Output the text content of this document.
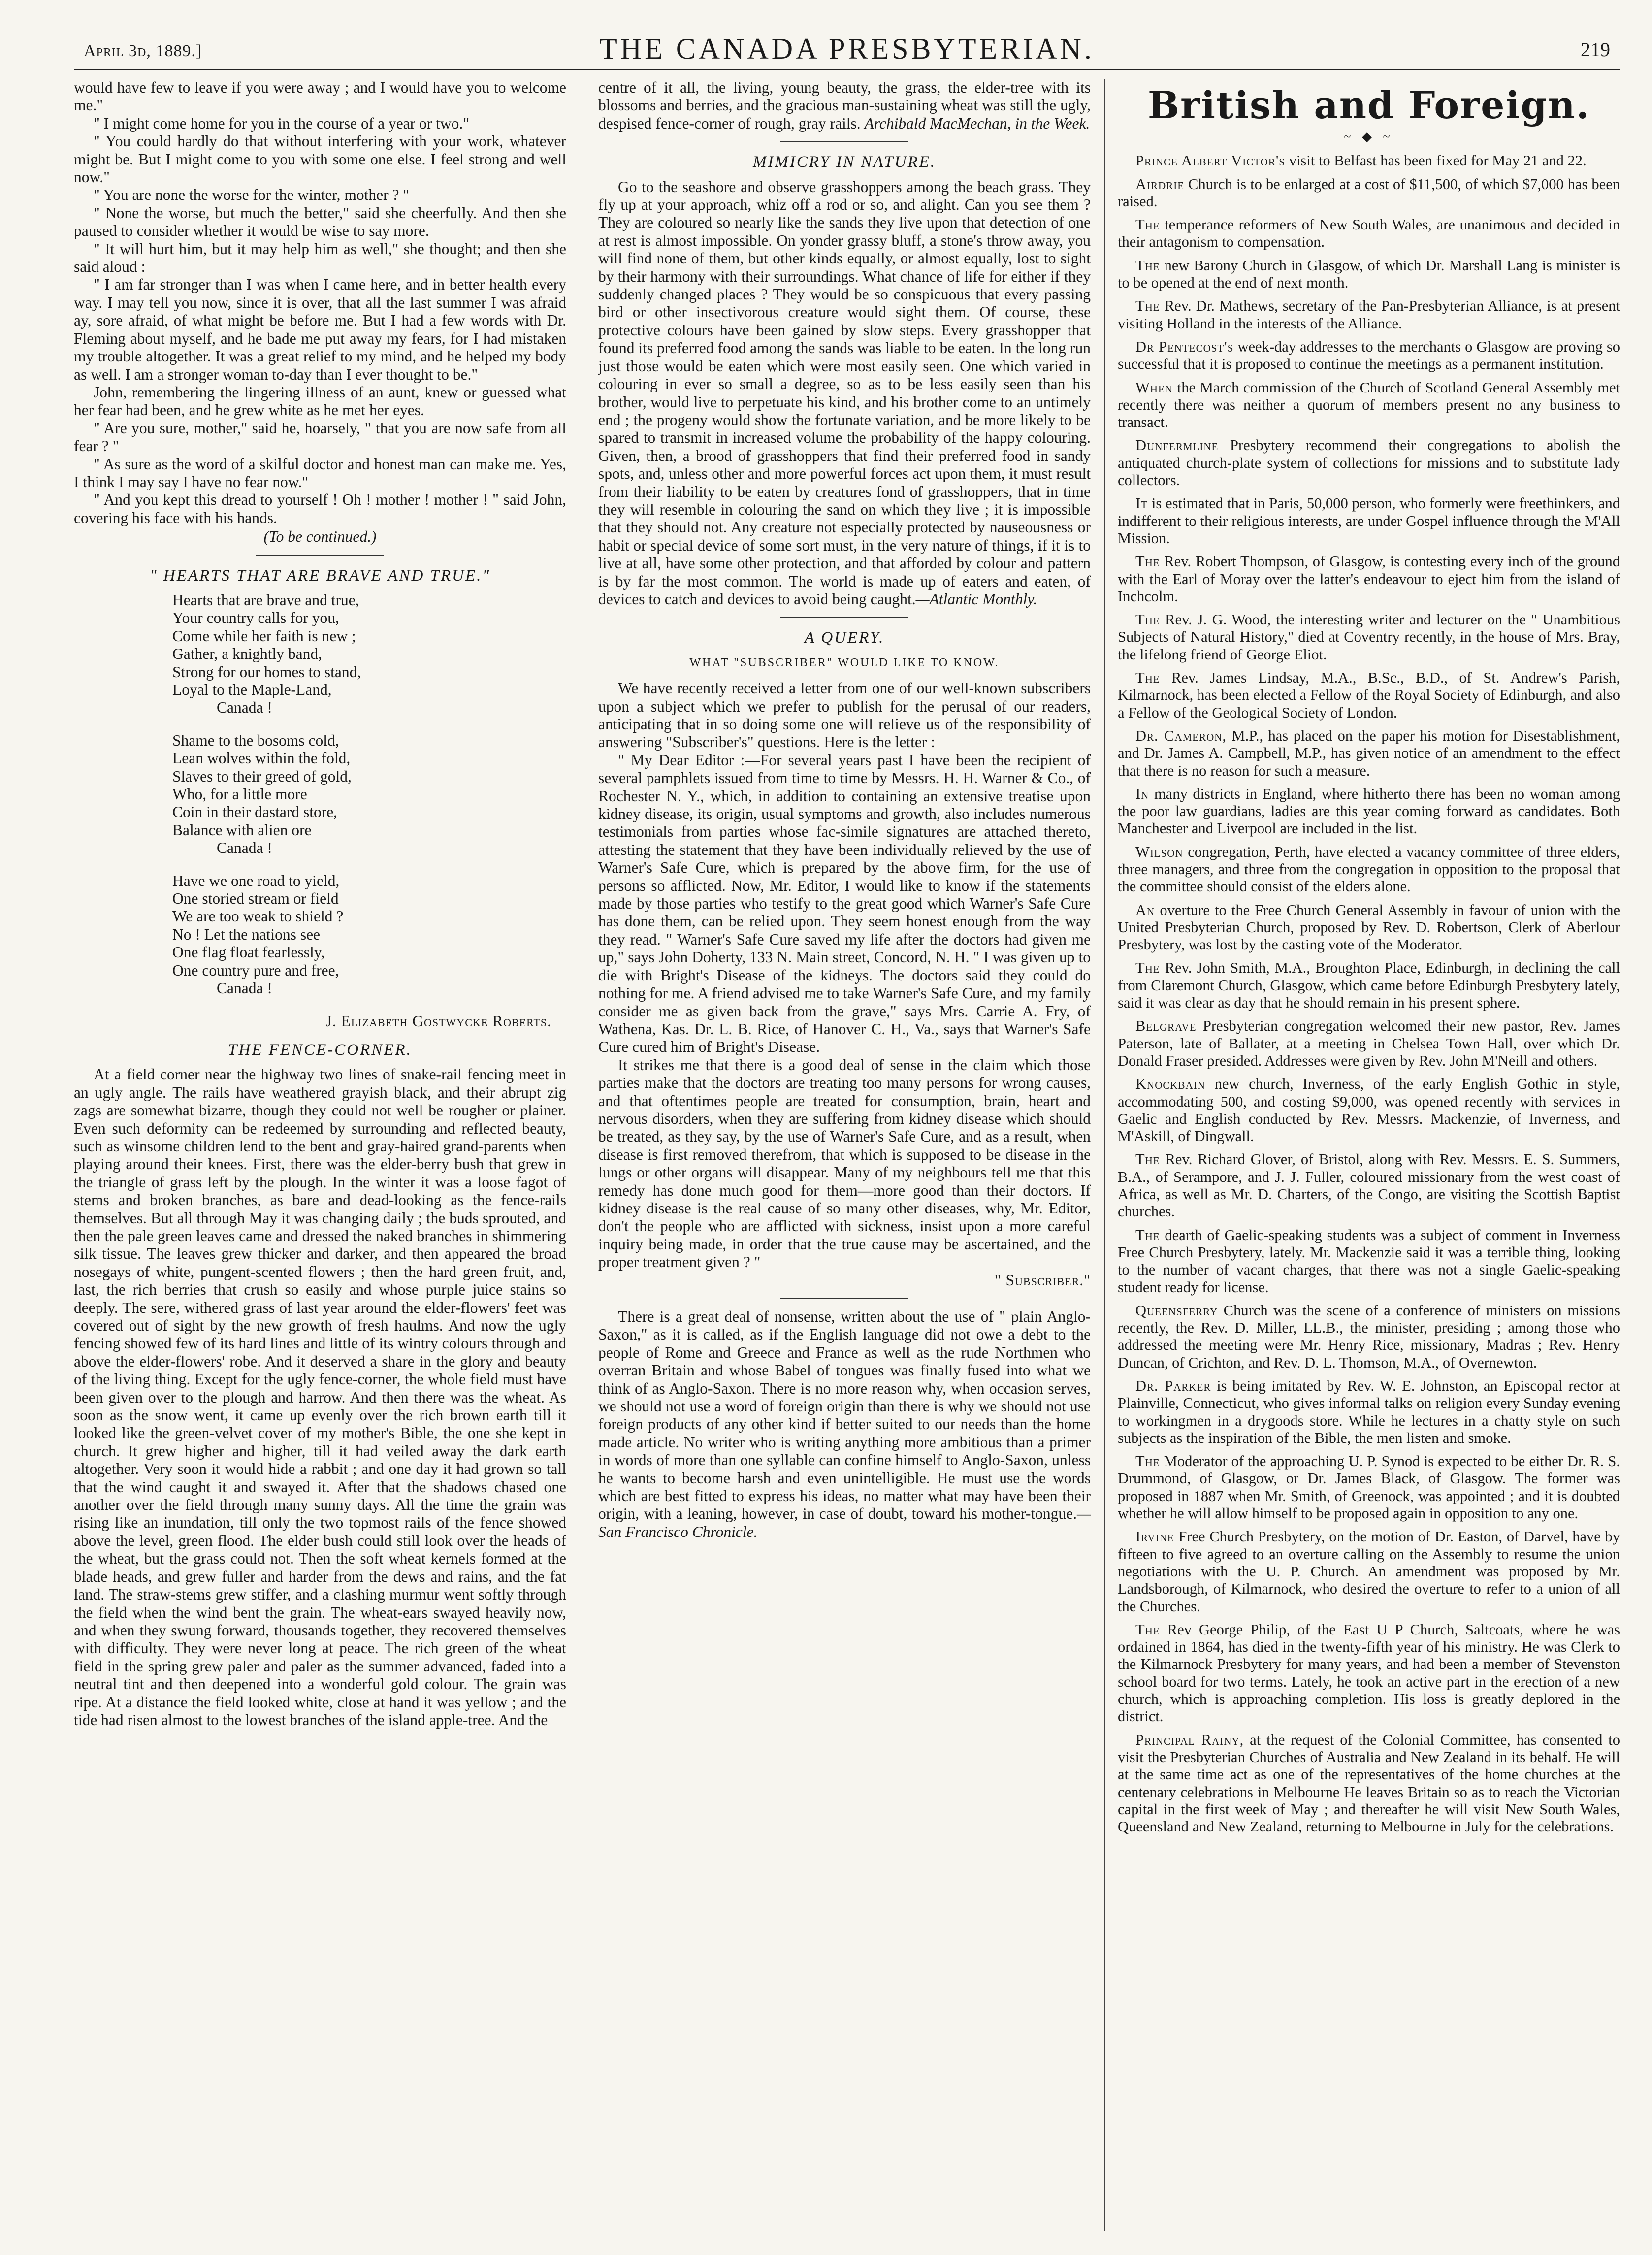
April 3d, 1889.]	THE CANADA PRESBYTERIAN.	219

would have few to leave if you were away ; and I would have you to welcome me."

" I might come home for you in the course of a year or two."

" You could hardly do that without interfering with your work, whatever might be. But I might come to you with some one else. I feel strong and well now."

" You are none the worse for the winter, mother ? "

" None the worse, but much the better," said she cheerfully. And then she paused to consider whether it would be wise to say more.

" It will hurt him, but it may help him as well," she thought; and then she said aloud :

" I am far stronger than I was when I came here, and in better health every way. I may tell you now, since it is over, that all the last summer I was afraid ay, sore afraid, of what might be before me. But I had a few words with Dr. Fleming about myself, and he bade me put away my fears, for I had mistaken my trouble altogether. It was a great relief to my mind, and he helped my body as well. I am a stronger woman to-day than I ever thought to be."

John, remembering the lingering illness of an aunt, knew or guessed what her fear had been, and he grew white as he met her eyes.

" Are you sure, mother," said he, hoarsely, " that you are now safe from all fear ? "

" As sure as the word of a skilful doctor and honest man can make me. Yes, I think I may say I have no fear now."

" And you kept this dread to yourself ! Oh ! mother ! mother ! " said John, covering his face with his hands.

(To be continued.)

" HEARTS THAT ARE BRAVE AND TRUE."
Hearts that are brave and true,
Your country calls for you,
Come while her faith is new ;
Gather, a knightly band,
Strong for our homes to stand,
Loyal to the Maple-Land,
Canada !
Shame to the bosoms cold,
Lean wolves within the fold,
Slaves to their greed of gold,
Who, for a little more
Coin in their dastard store,
Balance with alien ore
Canada !
Have we one road to yield,
One storied stream or field
We are too weak to shield ?
No ! Let the nations see
One flag float fearlessly,
One country pure and free,
Canada !
J. Elizabeth Gostwycke Roberts.
THE FENCE-CORNER.

At a field corner near the highway two lines of snake-rail fencing meet in an ugly angle. The rails have weathered grayish black, and their abrupt zig zags are somewhat bizarre, though they could not well be rougher or plainer. Even such deformity can be redeemed by surrounding and reflected beauty, such as winsome children lend to the bent and gray-haired grand-parents when playing around their knees. First, there was the elder-berry bush that grew in the triangle of grass left by the plough. In the winter it was a loose fagot of stems and broken branches, as bare and dead-looking as the fence-rails themselves. But all through May it was changing daily ; the buds sprouted, and then the pale green leaves came and dressed the naked branches in shimmering silk tissue. The leaves grew thicker and darker, and then appeared the broad nosegays of white, pungent-scented flowers ; then the hard green fruit, and, last, the rich berries that crush so easily and whose purple juice stains so deeply. The sere, withered grass of last year around the elder-flowers' feet was covered out of sight by the new growth of fresh haulms. And now the ugly fencing showed few of its hard lines and little of its wintry colours through and above the elder-flowers' robe. And it deserved a share in the glory and beauty of the living thing. Except for the ugly fence-corner, the whole field must have been given over to the plough and harrow. And then there was the wheat. As soon as the snow went, it came up evenly over the rich brown earth till it looked like the green-velvet cover of my mother's Bible, the one she kept in church. It grew higher and higher, till it had veiled away the dark earth altogether. Very soon it would hide a rabbit ; and one day it had grown so tall that the wind caught it and swayed it. After that the shadows chased one another over the field through many sunny days. All the time the grain was rising like an inundation, till only the two topmost rails of the fence showed above the level, green flood. The elder bush could still look over the heads of the wheat, but the grass could not. Then the soft wheat kernels formed at the blade heads, and grew fuller and harder from the dews and rains, and the fat land. The straw-stems grew stiffer, and a clashing murmur went softly through the field when the wind bent the grain. The wheat-ears swayed heavily now, and when they swung forward, thousands together, they recovered themselves with difficulty. They were never long at peace. The rich green of the wheat field in the spring grew paler and paler as the summer advanced, faded into a neutral tint and then deepened into a wonderful gold colour. The grain was ripe. At a distance the field looked white, close at hand it was yellow ; and the tide had risen almost to the lowest branches of the island apple-tree. And the

centre of it all, the living, young beauty, the grass, the elder-tree with its blossoms and berries, and the gracious man-sustaining wheat was still the ugly, despised fence-corner of rough, gray rails. Archibald MacMechan, in the Week.

MIMICRY IN NATURE.

Go to the seashore and observe grasshoppers among the beach grass. They fly up at your approach, whiz off a rod or so, and alight. Can you see them ? They are coloured so nearly like the sands they live upon that detection of one at rest is almost impossible. On yonder grassy bluff, a stone's throw away, you will find none of them, but other kinds equally, or almost equally, lost to sight by their harmony with their surroundings. What chance of life for either if they suddenly changed places ? They would be so conspicuous that every passing bird or other insectivorous creature would sight them. Of course, these protective colours have been gained by slow steps. Every grasshopper that found its preferred food among the sands was liable to be eaten. In the long run just those would be eaten which were most easily seen. One which varied in colouring in ever so small a degree, so as to be less easily seen than his brother, would live to perpetuate his kind, and his brother come to an untimely end ; the progeny would show the fortunate variation, and be more likely to be spared to transmit in increased volume the probability of the happy colouring. Given, then, a brood of grasshoppers that find their preferred food in sandy spots, and, unless other and more powerful forces act upon them, it must result from their liability to be eaten by creatures fond of grasshoppers, that in time they will resemble in colouring the sand on which they live ; it is impossible that they should not. Any creature not especially protected by nauseousness or habit or special device of some sort must, in the very nature of things, if it is to live at all, have some other protection, and that afforded by colour and pattern is by far the most common. The world is made up of eaters and eaten, of devices to catch and devices to avoid being caught.—Atlantic Monthly.

A QUERY.
WHAT "SUBSCRIBER" WOULD LIKE TO KNOW.

We have recently received a letter from one of our well-known subscribers upon a subject which we prefer to publish for the perusal of our readers, anticipating that in so doing some one will relieve us of the responsibility of answering "Subscriber's" questions. Here is the letter :

" My Dear Editor :—For several years past I have been the recipient of several pamphlets issued from time to time by Messrs. H. H. Warner & Co., of Rochester N. Y., which, in addition to containing an extensive treatise upon kidney disease, its origin, usual symptoms and growth, also includes numerous testimonials from parties whose fac-simile signatures are attached thereto, attesting the statement that they have been individually relieved by the use of Warner's Safe Cure, which is prepared by the above firm, for the use of persons so afflicted. Now, Mr. Editor, I would like to know if the statements made by those parties who testify to the great good which Warner's Safe Cure has done them, can be relied upon. They seem honest enough from the way they read. " Warner's Safe Cure saved my life after the doctors had given me up," says John Doherty, 133 N. Main street, Concord, N. H. " I was given up to die with Bright's Disease of the kidneys. The doctors said they could do nothing for me. A friend advised me to take Warner's Safe Cure, and my family consider me as given back from the grave," says Mrs. Carrie A. Fry, of Wathena, Kas. Dr. L. B. Rice, of Hanover C. H., Va., says that Warner's Safe Cure cured him of Bright's Disease.

It strikes me that there is a good deal of sense in the claim which those parties make that the doctors are treating too many persons for wrong causes, and that oftentimes people are treated for consumption, brain, heart and nervous disorders, when they are suffering from kidney disease which should be treated, as they say, by the use of Warner's Safe Cure, and as a result, when disease is first removed therefrom, that which is supposed to be disease in the lungs or other organs will disappear. Many of my neighbours tell me that this remedy has done much good for them—more good than their doctors. If kidney disease is the real cause of so many other diseases, why, Mr. Editor, don't the people who are afflicted with sickness, insist upon a more careful inquiry being made, in order that the true cause may be ascertained, and the proper treatment given ? "

" Subscriber."

There is a great deal of nonsense, written about the use of " plain Anglo-Saxon," as it is called, as if the English language did not owe a debt to the people of Rome and Greece and France as well as the rude Northmen who overran Britain and whose Babel of tongues was finally fused into what we think of as Anglo-Saxon. There is no more reason why, when occasion serves, we should not use a word of foreign origin than there is why we should not use foreign products of any other kind if better suited to our needs than the home made article. No writer who is writing anything more ambitious than a primer in words of more than one syllable can confine himself to Anglo-Saxon, unless he wants to become harsh and even unintelligible. He must use the words which are best fitted to express his ideas, no matter what may have been their origin, with a leaning, however, in case of doubt, toward his mother-tongue.—San Francisco Chronicle.

British and Foreign.
~ ◆ ~

Prince Albert Victor's visit to Belfast has been fixed for May 21 and 22.

Airdrie Church is to be enlarged at a cost of $11,500, of which $7,000 has been raised.

The temperance reformers of New South Wales, are unanimous and decided in their antagonism to compensation.

The new Barony Church in Glasgow, of which Dr. Marshall Lang is minister is to be opened at the end of next month.

The Rev. Dr. Mathews, secretary of the Pan-Presbyterian Alliance, is at present visiting Holland in the interests of the Alliance.

Dr Pentecost's week-day addresses to the merchants o Glasgow are proving so successful that it is proposed to continue the meetings as a permanent institution.

When the March commission of the Church of Scotland General Assembly met recently there was neither a quorum of members present no any business to transact.

Dunfermline Presbytery recommend their congregations to abolish the antiquated church-plate system of collections for missions and to substitute lady collectors.

It is estimated that in Paris, 50,000 person, who formerly were freethinkers, and indifferent to their religious interests, are under Gospel influence through the M'All Mission.

The Rev. Robert Thompson, of Glasgow, is contesting every inch of the ground with the Earl of Moray over the latter's endeavour to eject him from the island of Inchcolm.

The Rev. J. G. Wood, the interesting writer and lecturer on the " Unambitious Subjects of Natural History," died at Coventry recently, in the house of Mrs. Bray, the lifelong friend of George Eliot.

The Rev. James Lindsay, M.A., B.Sc., B.D., of St. Andrew's Parish, Kilmarnock, has been elected a Fellow of the Royal Society of Edinburgh, and also a Fellow of the Geological Society of London.

Dr. Cameron, M.P., has placed on the paper his motion for Disestablishment, and Dr. James A. Campbell, M.P., has given notice of an amendment to the effect that there is no reason for such a measure.

In many districts in England, where hitherto there has been no woman among the poor law guardians, ladies are this year coming forward as candidates. Both Manchester and Liverpool are included in the list.

Wilson congregation, Perth, have elected a vacancy committee of three elders, three managers, and three from the congregation in opposition to the proposal that the committee should consist of the elders alone.

An overture to the Free Church General Assembly in favour of union with the United Presbyterian Church, proposed by Rev. D. Robertson, Clerk of Aberlour Presbytery, was lost by the casting vote of the Moderator.

The Rev. John Smith, M.A., Broughton Place, Edinburgh, in declining the call from Claremont Church, Glasgow, which came before Edinburgh Presbytery lately, said it was clear as day that he should remain in his present sphere.

Belgrave Presbyterian congregation welcomed their new pastor, Rev. James Paterson, late of Ballater, at a meeting in Chelsea Town Hall, over which Dr. Donald Fraser presided. Addresses were given by Rev. John M'Neill and others.

Knockbain new church, Inverness, of the early English Gothic in style, accommodating 500, and costing $9,000, was opened recently with services in Gaelic and English conducted by Rev. Messrs. Mackenzie, of Inverness, and M'Askill, of Dingwall.

The Rev. Richard Glover, of Bristol, along with Rev. Messrs. E. S. Summers, B.A., of Serampore, and J. J. Fuller, coloured missionary from the west coast of Africa, as well as Mr. D. Charters, of the Congo, are visiting the Scottish Baptist churches.

The dearth of Gaelic-speaking students was a subject of comment in Inverness Free Church Presbytery, lately. Mr. Mackenzie said it was a terrible thing, looking to the number of vacant charges, that there was not a single Gaelic-speaking student ready for license.

Queensferry Church was the scene of a conference of ministers on missions recently, the Rev. D. Miller, LL.B., the minister, presiding ; among those who addressed the meeting were Mr. Henry Rice, missionary, Madras ; Rev. Henry Duncan, of Crichton, and Rev. D. L. Thomson, M.A., of Overnewton.

Dr. Parker is being imitated by Rev. W. E. Johnston, an Episcopal rector at Plainville, Connecticut, who gives informal talks on religion every Sunday evening to workingmen in a drygoods store. While he lectures in a chatty style on such subjects as the inspiration of the Bible, the men listen and smoke.

The Moderator of the approaching U. P. Synod is expected to be either Dr. R. S. Drummond, of Glasgow, or Dr. James Black, of Glasgow. The former was proposed in 1887 when Mr. Smith, of Greenock, was appointed ; and it is doubted whether he will allow himself to be proposed again in opposition to any one.

Irvine Free Church Presbytery, on the motion of Dr. Easton, of Darvel, have by fifteen to five agreed to an overture calling on the Assembly to resume the union negotiations with the U. P. Church. An amendment was proposed by Mr. Landsborough, of Kilmarnock, who desired the overture to refer to a union of all the Churches.

The Rev George Philip, of the East U P Church, Saltcoats, where he was ordained in 1864, has died in the twenty-fifth year of his ministry. He was Clerk to the Kilmarnock Presbytery for many years, and had been a member of Stevenston school board for two terms. Lately, he took an active part in the erection of a new church, which is approaching completion. His loss is greatly deplored in the district.

Principal Rainy, at the request of the Colonial Committee, has consented to visit the Presbyterian Churches of Australia and New Zealand in its behalf. He will at the same time act as one of the representatives of the home churches at the centenary celebrations in Melbourne He leaves Britain so as to reach the Victorian capital in the first week of May ; and thereafter he will visit New South Wales, Queensland and New Zealand, returning to Melbourne in July for the celebrations.
